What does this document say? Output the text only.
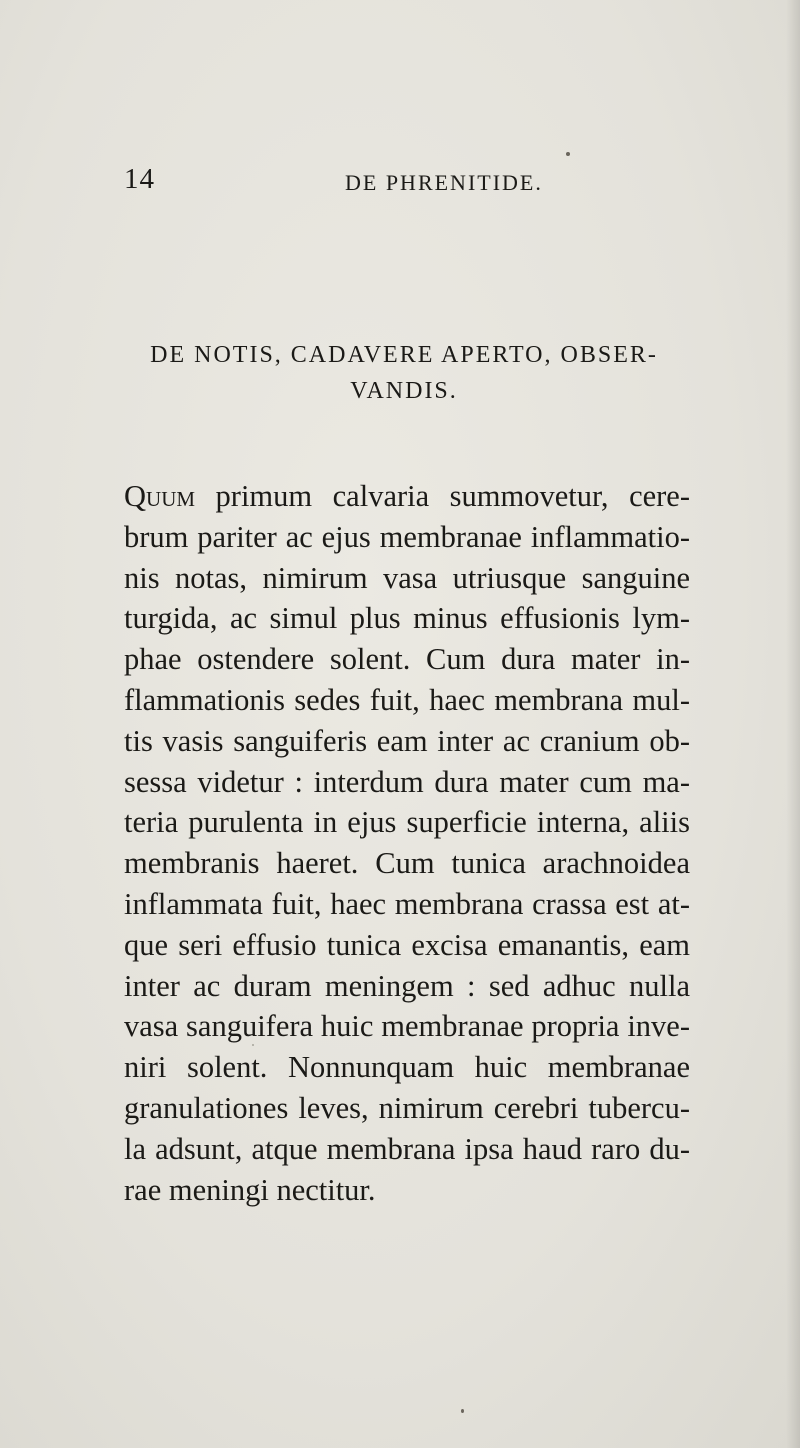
14	DE PHRENITIDE.
DE NOTIS, CADAVERE APERTO, OBSER-
VANDIS.
Quum primum calvaria summovetur, cere-
brum pariter ac ejus membranae inflammatio-
nis notas, nimirum vasa utriusque sanguine
turgida, ac simul plus minus effusionis lym-
phae ostendere solent. Cum dura mater in-
flammationis sedes fuit, haec membrana mul-
tis vasis sanguiferis eam inter ac cranium ob-
sessa videtur : interdum dura mater cum ma-
teria purulenta in ejus superficie interna, aliis
membranis haeret. Cum tunica arachnoidea
inflammata fuit, haec membrana crassa est at-
que seri effusio tunica excisa emanantis, eam
inter ac duram meningem : sed adhuc nulla
vasa sanguifera huic membranae propria inve-
niri solent. Nonnunquam huic membranae
granulationes leves, nimirum cerebri tubercu-
la adsunt, atque membrana ipsa haud raro du-
rae meningi nectitur.
